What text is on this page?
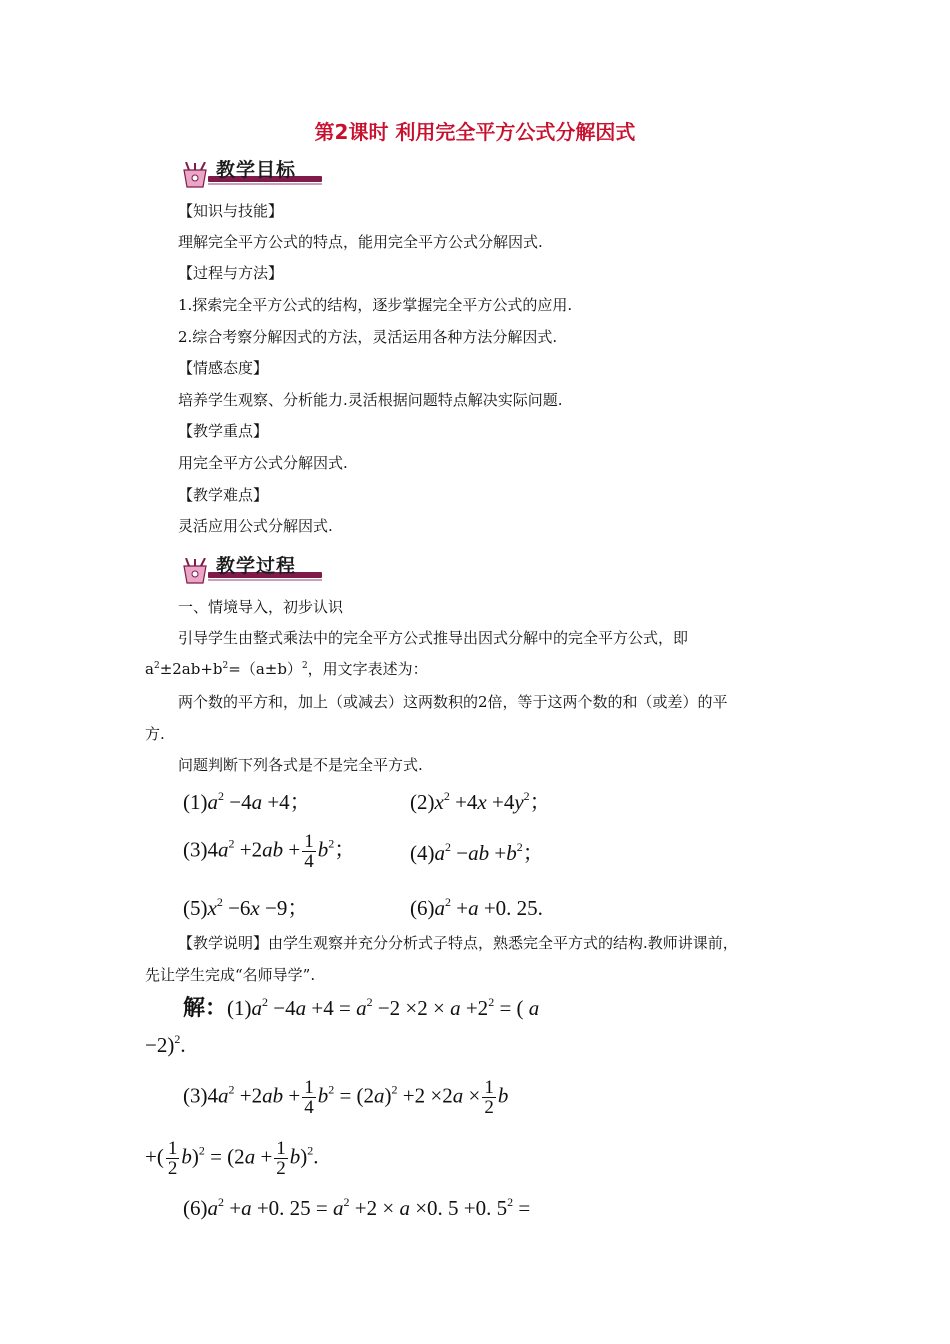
第2课时 利用完全平方公式分解因式
教学目标
【知识与技能】
理解完全平方公式的特点，能用完全平方公式分解因式.
【过程与方法】
1.探索完全平方公式的结构，逐步掌握完全平方公式的应用.
2.综合考察分解因式的方法，灵活运用各种方法分解因式.
【情感态度】
培养学生观察、分析能力.灵活根据问题特点解决实际问题.
【教学重点】
用完全平方公式分解因式.
【教学难点】
灵活应用公式分解因式.
教学过程
一、情境导入，初步认识
引导学生由整式乘法中的完全平方公式推导出因式分解中的完全平方公式，即
$a^2\pm 2ab+b^2=(a\pm b)^2$，用文字表述为：
两个数的平方和，加上（或减去）这两数积的2倍，等于这两个数的和（或差）的平
方.
问题判断下列各式是不是完全平方式.
$(1)a^2 -4a +4$；	$(2)x^2 +4x +4y^2$；
$(3)4a^2 +2ab + \frac{1}{4} b^2$；	$(4)a^2 -ab +b^2$；
$(5)x^2 -6x -9$；	$(6)a^2 +a +0$. 25.
【教学说明】由学生观察并充分分析式子特点，熟悉完全平方式的结构.教师讲课前，
先让学生完成“名师导学”.
解：$(1)a^2 -4a +4 = a^2 -2 \times 2 \times a +2^2$ = ( a
−2)$^2$.
$(3)4a^2 +2ab + \frac{1}{4} b^2 = (2a)^2 +2 \times 2a \times \frac{1}{2}$ b
+( $\frac{1}{2} b)^2 = (2a + \frac{1}{2} b)^2$.
$(6)a^2 +a +0$. $25 = a^2 +2 \times a \times 0$. 5 +0. $5^2$ =
